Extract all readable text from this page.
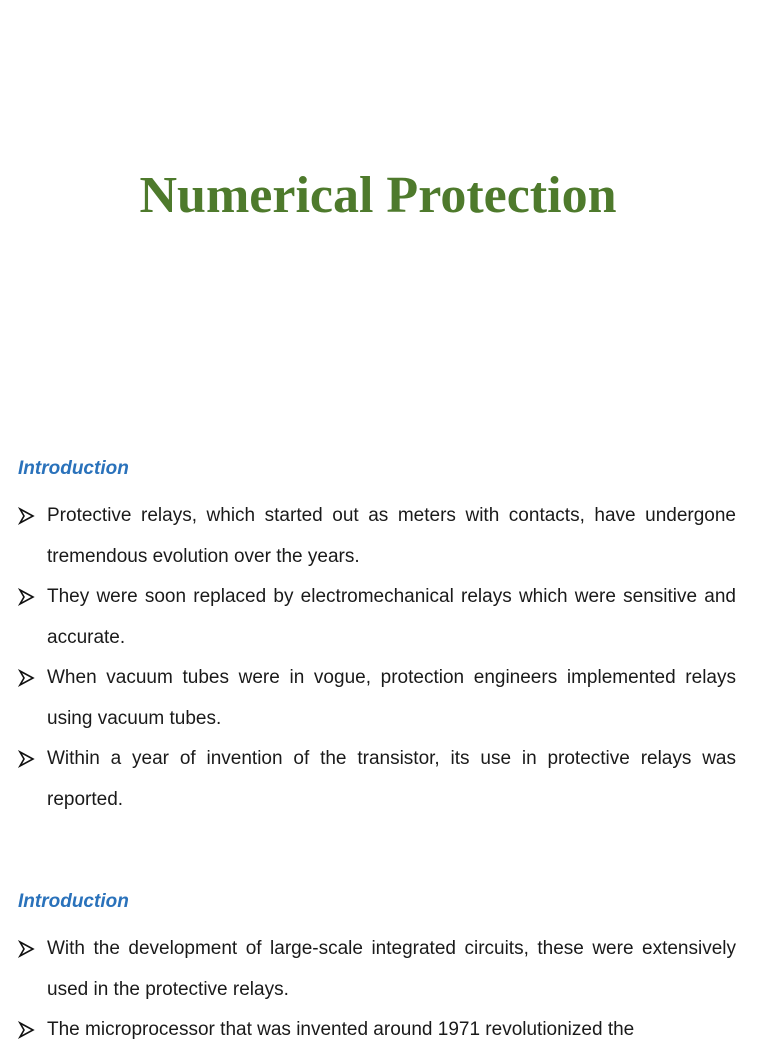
Numerical Protection
Introduction
Protective relays, which started out as meters with contacts, have undergone tremendous evolution over the years.
They were soon replaced by electromechanical relays which were sensitive and accurate.
When vacuum tubes were in vogue, protection engineers implemented relays using vacuum tubes.
Within a year of invention of the transistor, its use in protective relays was reported.
Introduction
With the development of large-scale integrated circuits, these were extensively used in the protective relays.
The microprocessor that was invented around 1971 revolutionized the
